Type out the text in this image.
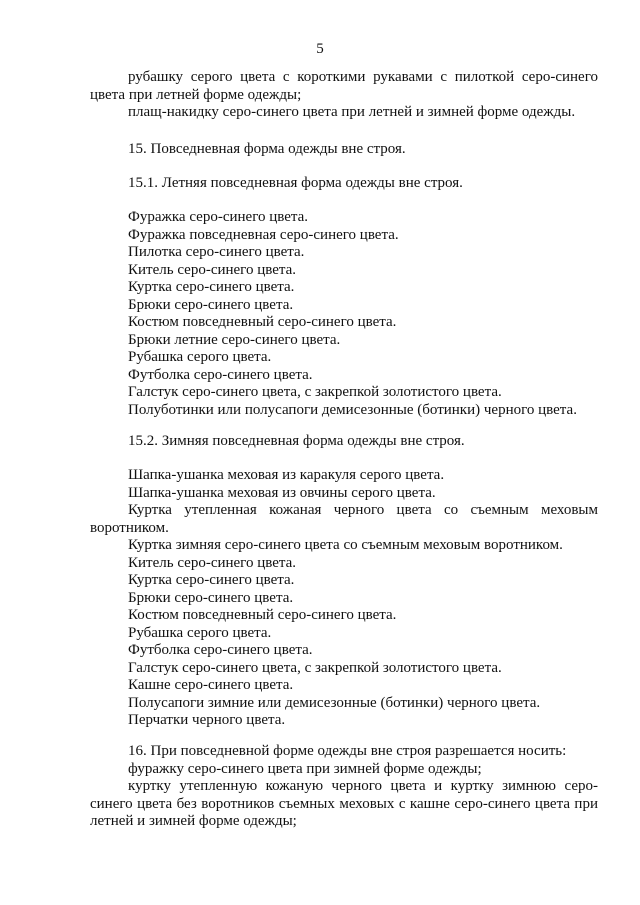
5

рубашку серого цвета с короткими рукавами с пилоткой серо-синего цвета при летней форме одежды;

плащ-накидку серо-синего цвета при летней и зимней форме одежды.

15. Повседневная форма одежды вне строя.

15.1. Летняя повседневная форма одежды вне строя.

Фуражка серо-синего цвета.

Фуражка повседневная серо-синего цвета.

Пилотка серо-синего цвета.

Китель серо-синего цвета.

Куртка серо-синего цвета.

Брюки серо-синего цвета.

Костюм повседневный серо-синего цвета.

Брюки летние серо-синего цвета.

Рубашка серого цвета.

Футболка серо-синего цвета.

Галстук серо-синего цвета, с закрепкой золотистого цвета.

Полуботинки или полусапоги демисезонные (ботинки) черного цвета.

15.2. Зимняя повседневная форма одежды вне строя.

Шапка-ушанка меховая из каракуля серого цвета.

Шапка-ушанка меховая из овчины серого цвета.

Куртка утепленная кожаная черного цвета со съемным меховым воротником.

Куртка зимняя серо-синего цвета со съемным меховым воротником.

Китель серо-синего цвета.

Куртка серо-синего цвета.

Брюки серо-синего цвета.

Костюм повседневный серо-синего цвета.

Рубашка серого цвета.

Футболка серо-синего цвета.

Галстук серо-синего цвета, с закрепкой золотистого цвета.

Кашне серо-синего цвета.

Полусапоги зимние или демисезонные (ботинки) черного цвета.

Перчатки черного цвета.

16. При повседневной форме одежды вне строя разрешается носить:

фуражку серо-синего цвета при зимней форме одежды;

куртку утепленную кожаную черного цвета и куртку зимнюю серо-синего цвета без воротников съемных меховых с кашне серо-синего цвета при летней и зимней форме одежды;
